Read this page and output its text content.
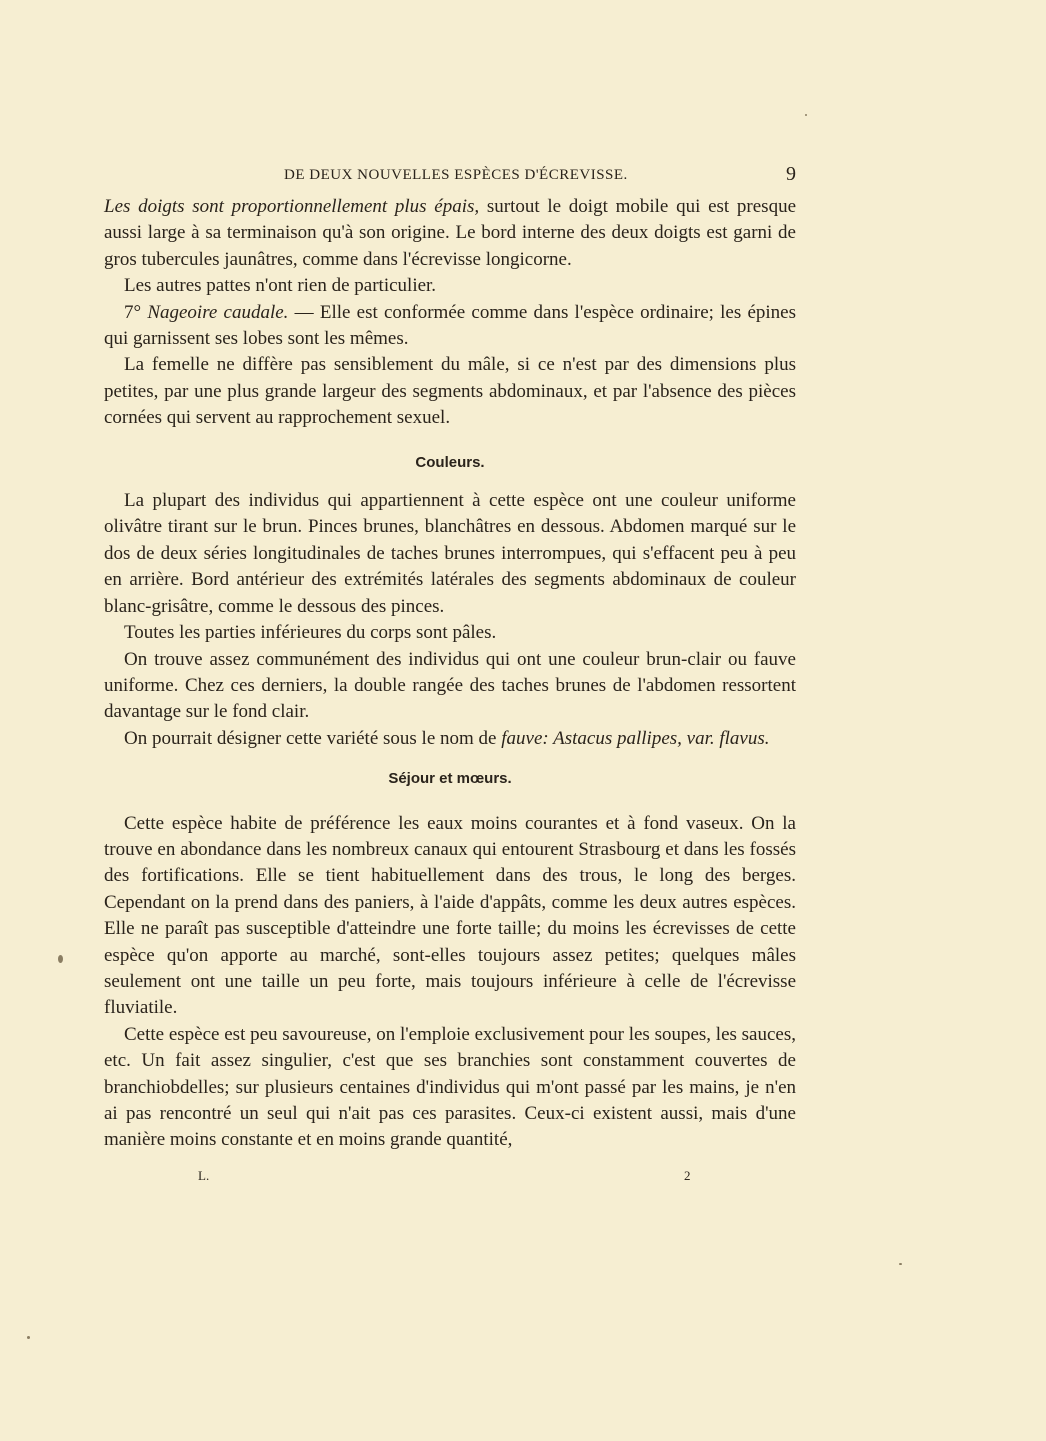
DE DEUX NOUVELLES ESPÈCES D'ÉCREVISSE.	9

Les doigts sont proportionnellement plus épais, surtout le doigt mobile qui est presque aussi large à sa terminaison qu'à son origine. Le bord interne des deux doigts est garni de gros tubercules jaunâtres, comme dans l'écrevisse longicorne.

Les autres pattes n'ont rien de particulier.

7° Nageoire caudale. — Elle est conformée comme dans l'espèce ordinaire; les épines qui garnissent ses lobes sont les mêmes.

La femelle ne diffère pas sensiblement du mâle, si ce n'est par des dimensions plus petites, par une plus grande largeur des segments abdominaux, et par l'absence des pièces cornées qui servent au rapprochement sexuel.

Couleurs.

La plupart des individus qui appartiennent à cette espèce ont une couleur uniforme olivâtre tirant sur le brun. Pinces brunes, blanchâtres en dessous. Abdomen marqué sur le dos de deux séries longitudinales de taches brunes interrompues, qui s'effacent peu à peu en arrière. Bord antérieur des extrémités latérales des segments abdominaux de couleur blanc-grisâtre, comme le dessous des pinces.

Toutes les parties inférieures du corps sont pâles.

On trouve assez communément des individus qui ont une couleur brun-clair ou fauve uniforme. Chez ces derniers, la double rangée des taches brunes de l'abdomen ressortent davantage sur le fond clair.

On pourrait désigner cette variété sous le nom de fauve: Astacus pallipes, var. flavus.

Séjour et mœurs.

Cette espèce habite de préférence les eaux moins courantes et à fond vaseux. On la trouve en abondance dans les nombreux canaux qui entourent Strasbourg et dans les fossés des fortifications. Elle se tient habituellement dans des trous, le long des berges. Cependant on la prend dans des paniers, à l'aide d'appâts, comme les deux autres espèces. Elle ne paraît pas susceptible d'atteindre une forte taille; du moins les écrevisses de cette espèce qu'on apporte au marché, sont-elles toujours assez petites; quelques mâles seulement ont une taille un peu forte, mais toujours inférieure à celle de l'écrevisse fluviatile.

Cette espèce est peu savoureuse, on l'emploie exclusivement pour les soupes, les sauces, etc. Un fait assez singulier, c'est que ses branchies sont constamment couvertes de branchiobdelles; sur plusieurs centaines d'individus qui m'ont passé par les mains, je n'en ai pas rencontré un seul qui n'ait pas ces parasites. Ceux-ci existent aussi, mais d'une manière moins constante et en moins grande quantité,

L.	2
